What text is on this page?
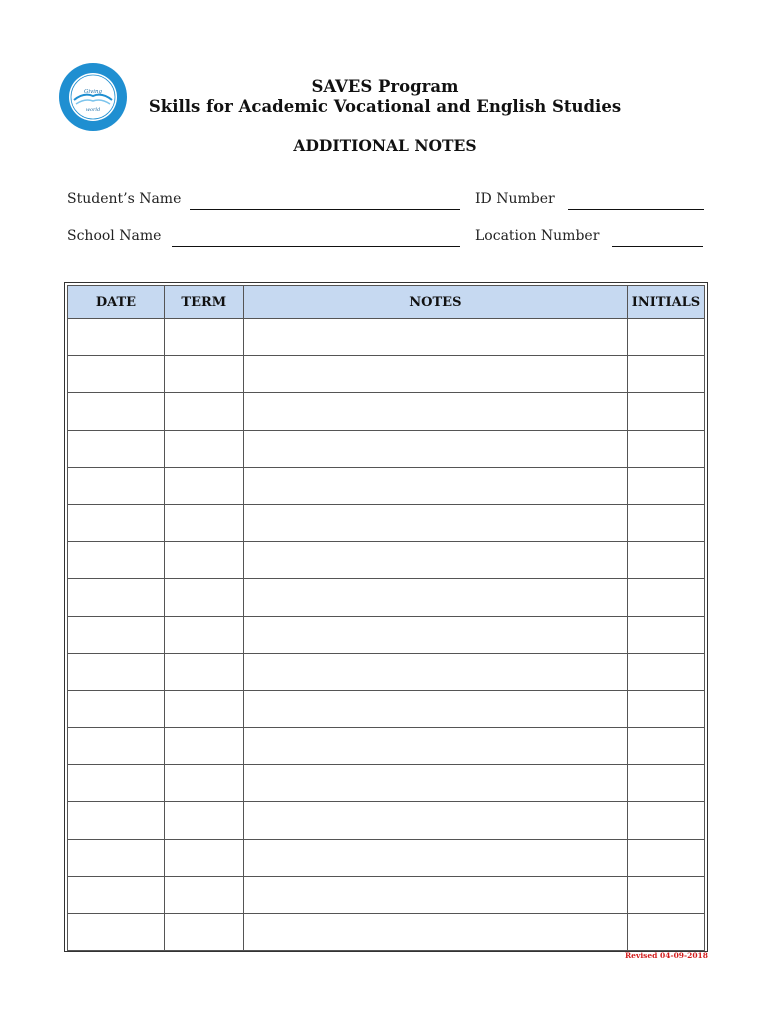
Giving
world
SAVES Program
Skills for Academic Vocational and English Studies
ADDITIONAL NOTES
Student’s Name	ID Number
School Name	Location Number
DATE	TERM	NOTES	INITIALS

Revised 04-09-2018
